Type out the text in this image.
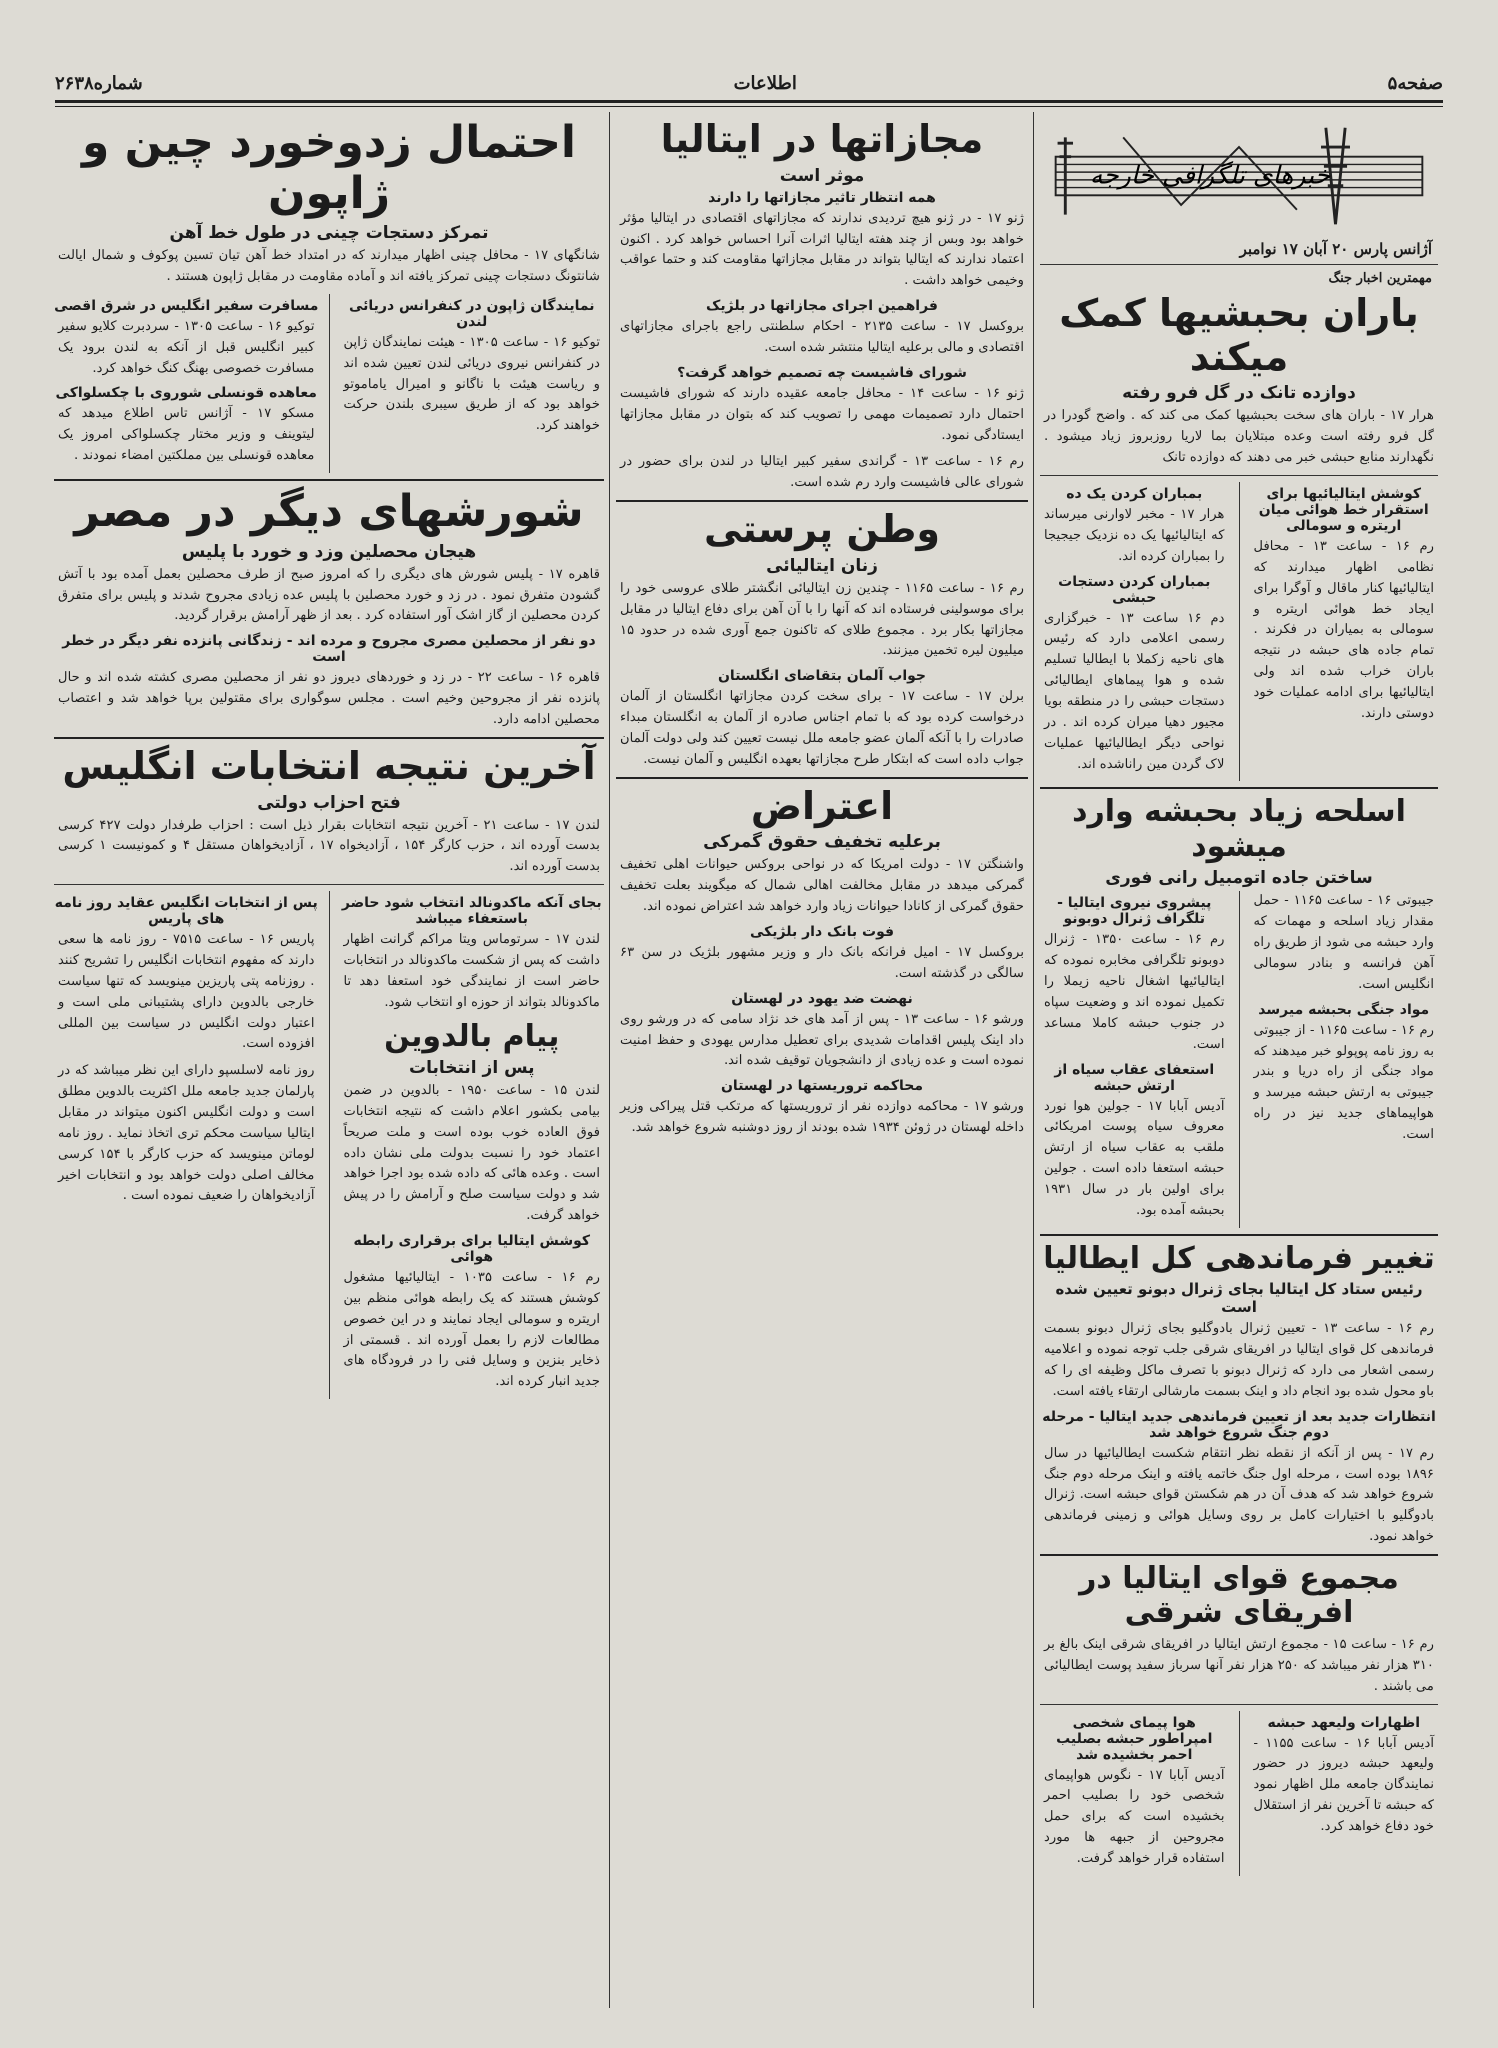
صفحه۵
اطلاعات
شماره۲۶۳۸
خبرهای تلگرافی خارجه
آژانس پارس ۲۰ آبان ۱۷ نوامبر
مهمترین اخبار جنگ
باران بحبشیها کمک میکند
دوازده تانک در گل فرو رفته
هرار ۱۷ - باران های سخت بحبشیها کمک می کند که . واضح گودرا در گل فرو رفته است وعده مبتلایان بما لاریا روزبروز زیاد میشود . نگهدارند منابع حبشی خبر می دهند که دوازده تانک
کوشش ایتالیائیها برای استقرار خط هوائی میان اریتره و سومالی
رم ۱۶ - ساعت ۱۳ - محافل نظامی اظهار میدارند که ایتالیائیها کنار ماقال و آوگرا برای ایجاد خط هوائی اریتره و سومالی به بمیاران در فکرند . تمام جاده های حبشه در نتیجه باران خراب شده اند ولی ایتالیائیها برای ادامه عملیات خود دوستی دارند.
بمباران کردن یک ده
هرار ۱۷ - مخبر لاوارنی میرساند که ایتالیائیها یک ده نزدیک جیجیجا را بمباران کرده اند.
بمباران کردن دستجات حبشی
دم ۱۶ ساعت ۱۳ - خبرگزاری رسمی اعلامی دارد که رئیس های ناحیه زکملا با ایطالیا تسلیم شده و هوا پیماهای ایطالیائی دستجات حبشی را در منطقه بویا مجیور دهیا میران کرده اند . در نواحی دیگر ایطالیائیها عملیات لاک گردن مین راناشده اند.
اسلحه زیاد بحبشه وارد میشود
ساختن جاده اتومبیل رانی فوری
جیبوتی ۱۶ - ساعت ۱۱۶۵ - حمل مقدار زیاد اسلحه و مهمات که وارد حبشه می شود از طریق راه آهن فرانسه و بنادر سومالی انگلیس است.
مواد جنگی بحبشه میرسد
رم ۱۶ - ساعت ۱۱۶۵ - از جیبوتی به روز نامه پوپولو خبر میدهند که مواد جنگی از راه دریا و بندر جیبوتی به ارتش حبشه میرسد و هواپیماهای جدید نیز در راه است.
پیشروی نیروی ایتالیا - تلگراف ژنرال دوبونو
رم ۱۶ - ساعت ۱۳۵۰ - ژنرال دوبونو تلگرافی مخابره نموده که ایتالیائیها اشغال ناحیه زیملا را تکمیل نموده اند و وضعیت سپاه در جنوب حبشه کاملا مساعد است.
استعفای عقاب سیاه از ارتش حبشه
آدیس آبابا ۱۷ - جولین هوا نورد معروف سیاه پوست امریکائی ملقب به عقاب سیاه از ارتش حبشه استعفا داده است . جولین برای اولین بار در سال ۱۹۳۱ بحبشه آمده بود.
تغییر فرماندهی کل ایطالیا
رئیس ستاد کل ایتالیا بجای ژنرال دبونو تعیین شده است
رم ۱۶ - ساعت ۱۳ - تعیین ژنرال بادوگلیو بجای ژنرال دبونو بسمت فرماندهی کل قوای ایتالیا در افریقای شرقی جلب توجه نموده و اعلامیه رسمی اشعار می دارد که ژنرال دبونو با تصرف ماکل وظیفه ای را که باو محول شده بود انجام داد و اینک بسمت مارشالی ارتقاء یافته است.
انتظارات جدید بعد از تعیین فرماندهی جدید ایتالیا - مرحله دوم جنگ شروع خواهد شد
رم ۱۷ - پس از آنکه از نقطه نظر انتقام شکست ایطالیائیها در سال ۱۸۹۶ بوده است ، مرحله اول جنگ خاتمه یافته و اینک مرحله دوم جنگ شروع خواهد شد که هدف آن در هم شکستن قوای حبشه است. ژنرال بادوگلیو با اختیارات کامل بر روی وسایل هوائی و زمینی فرماندهی خواهد نمود.
مجموع قوای ایتالیا در افریقای شرقی
رم ۱۶ - ساعت ۱۵ - مجموع ارتش ایتالیا در افریقای شرقی اینک بالغ بر ۳۱۰ هزار نفر میباشد که ۲۵۰ هزار نفر آنها سرباز سفید پوست ایطالیائی می باشند .
اظهارات ولیعهد حبشه
آدیس آبابا ۱۶ - ساعت ۱۱۵۵ - ولیعهد حبشه دیروز در حضور نمایندگان جامعه ملل اظهار نمود که حبشه تا آخرین نفر از استقلال خود دفاع خواهد کرد.
هوا پیمای شخصی امپراطور حبشه بصلیب احمر بخشیده شد
آدیس آبابا ۱۷ - نگوس هواپیمای شخصی خود را بصلیب احمر بخشیده است که برای حمل مجروحین از جبهه ها مورد استفاده قرار خواهد گرفت.
مجازاتها در ایتالیا
موثر است
همه انتظار تاثیر مجازاتها را دارند
ژنو ۱۷ - در ژنو هیچ تردیدی ندارند که مجازاتهای اقتصادی در ایتالیا مؤثر خواهد بود وبس از چند هفته ایتالیا اثرات آنرا احساس خواهد کرد . اکنون اعتماد ندارند که ایتالیا بتواند در مقابل مجازاتها مقاومت کند و حتما عواقب وخیمی خواهد داشت .
فراهمین اجرای مجازاتها در بلژیک
بروکسل ۱۷ - ساعت ۲۱۳۵ - احکام سلطنتی راجع باجرای مجازاتهای اقتصادی و مالی برعلیه ایتالیا منتشر شده است.
شورای فاشیست چه تصمیم خواهد گرفت؟
ژنو ۱۶ - ساعت ۱۴ - محافل جامعه عقیده دارند که شورای فاشیست احتمال دارد تصمیمات مهمی را تصویب کند که بتوان در مقابل مجازاتها ایستادگی نمود.
رم ۱۶ - ساعت ۱۳ - گراندی سفیر کبیر ایتالیا در لندن برای حضور در شورای عالی فاشیست وارد رم شده است.
وطن پرستی
زنان ایتالیائی
رم ۱۶ - ساعت ۱۱۶۵ - چندین زن ایتالیائی انگشتر طلای عروسی خود را برای موسولینی فرستاده اند که آنها را با آن آهن برای دفاع ایتالیا در مقابل مجازاتها بکار برد . مجموع طلای که تاکنون جمع آوری شده در حدود ۱۵ میلیون لیره تخمین میزنند.
جواب آلمان بتقاضای انگلستان
برلن ۱۷ - ساعت ۱۷ - برای سخت کردن مجازاتها انگلستان از آلمان درخواست کرده بود که با تمام اجناس صادره از آلمان به انگلستان مبداء صادرات را با آنکه آلمان عضو جامعه ملل نیست تعیین کند ولی دولت آلمان جواب داده است که ابتکار طرح مجازاتها بعهده انگلیس و آلمان نیست.
اعتراض
برعلیه تخفیف حقوق گمرکی
واشنگتن ۱۷ - دولت امریکا که در نواحی بروکس حیوانات اهلی تخفیف گمرکی میدهد در مقابل مخالفت اهالی شمال که میگویند بعلت تخفیف حقوق گمرکی از کانادا حیوانات زیاد وارد خواهد شد اعتراض نموده اند.
فوت بانک دار بلژیکی
بروکسل ۱۷ - امیل فرانکه بانک دار و وزیر مشهور بلژیک در سن ۶۳ سالگی در گذشته است.
نهضت ضد یهود در لهستان
ورشو ۱۶ - ساعت ۱۳ - پس از آمد های خد نژاد سامی که در ورشو روی داد اینک پلیس اقدامات شدیدی برای تعطیل مدارس یهودی و حفظ امنیت نموده است و عده زیادی از دانشجویان توقیف شده اند.
محاکمه تروریستها در لهستان
ورشو ۱۷ - محاکمه دوازده نفر از تروریستها که مرتکب قتل پیراکی وزیر داخله لهستان در ژوئن ۱۹۳۴ شده بودند از روز دوشنبه شروع خواهد شد.
احتمال زدوخورد چین و ژاپون
تمرکز دستجات چینی در طول خط آهن
شانگهای ۱۷ - محافل چینی اظهار میدارند که در امتداد خط آهن تیان تسین پوکوف و شمال ایالت شانتونگ دستجات چینی تمرکز یافته اند و آماده مقاومت در مقابل ژاپون هستند .
نمایندگان ژاپون در کنفرانس دریائی لندن
توکیو ۱۶ - ساعت ۱۳۰۵ - هیئت نمایندگان ژاپن در کنفرانس نیروی دریائی لندن تعیین شده اند و ریاست هیئت با ناگانو و امیرال یاماموتو خواهد بود که از طریق سیبری بلندن حرکت خواهند کرد.
مسافرت سفیر انگلیس در شرق اقصی
توکیو ۱۶ - ساعت ۱۳۰۵ - سردبرت کلایو سفیر کبیر انگلیس قبل از آنکه به لندن برود یک مسافرت خصوصی بهنگ کنگ خواهد کرد.
معاهده قونسلی شوروی با چکسلواکی
مسکو ۱۷ - آژانس تاس اطلاع میدهد که لیتوینف و وزیر مختار چکسلواکی امروز یک معاهده قونسلی بین مملکتین امضاء نمودند .
شورشهای دیگر در مصر
هیجان محصلین وزد و خورد با پلیس
قاهره ۱۷ - پلیس شورش های دیگری را که امروز صبح از طرف محصلین بعمل آمده بود با آتش گشودن متفرق نمود . در زد و خورد محصلین با پلیس عده زیادی مجروح شدند و پلیس برای متفرق کردن محصلین از گاز اشک آور استفاده کرد . بعد از ظهر آرامش برقرار گردید.
دو نفر از محصلین مصری مجروح و مرده اند - زندگانی پانزده نفر دیگر در خطر است
قاهره ۱۶ - ساعت ۲۲ - در زد و خوردهای دیروز دو نفر از محصلین مصری کشته شده اند و حال پانزده نفر از مجروحین وخیم است . مجلس سوگواری برای مقتولین برپا خواهد شد و اعتصاب محصلین ادامه دارد.
آخرین نتیجه انتخابات انگلیس
فتح احزاب دولتی
لندن ۱۷ - ساعت ۲۱ - آخرین نتیجه انتخابات بقرار ذیل است : احزاب طرفدار دولت ۴۲۷ کرسی بدست آورده اند ، حزب کارگر ۱۵۴ ، آزادیخواه ۱۷ ، آزادیخواهان مستقل ۴ و کمونیست ۱ کرسی بدست آورده اند.
بجای آنکه ماکدونالد انتخاب شود حاضر باستعفاء میباشد
لندن ۱۷ - سرتوماس ویتا مراکم گرانت اظهار داشت که پس از شکست ماکدونالد در انتخابات حاضر است از نمایندگی خود استعفا دهد تا ماکدونالد بتواند از حوزه او انتخاب شود.
پیام بالدوین
پس از انتخابات
لندن ۱۵ - ساعت ۱۹۵۰ - بالدوین در ضمن بیامی بکشور اعلام داشت که نتیجه انتخابات فوق العاده خوب بوده است و ملت صریحاً اعتماد خود را نسبت بدولت ملی نشان داده است . وعده هائی که داده شده بود اجرا خواهد شد و دولت سیاست صلح و آرامش را در پیش خواهد گرفت.
کوشش ایتالیا برای برقراری رابطه هوائی
رم ۱۶ - ساعت ۱۰۳۵ - ایتالیائیها مشغول کوشش هستند که یک رابطه هوائی منظم بین اریتره و سومالی ایجاد نمایند و در این خصوص مطالعات لازم را بعمل آورده اند . قسمتی از ذخایر بنزین و وسایل فنی را در فرودگاه های جدید انبار کرده اند.
پس از انتخابات انگلیس عقاید روز نامه های پاریس
پاریس ۱۶ - ساعت ۷۵۱۵ - روز نامه ها سعی دارند که مفهوم انتخابات انگلیس را تشریح کنند . روزنامه پتی پاریزین مینویسد که تنها سیاست خارجی بالدوین دارای پشتیبانی ملی است و اعتبار دولت انگلیس در سیاست بین المللی افزوده است.
روز نامه لاسلسپو دارای این نظر میباشد که در پارلمان جدید جامعه ملل اکثریت بالدوین مطلق است و دولت انگلیس اکنون میتواند در مقابل ایتالیا سیاست محکم تری اتخاذ نماید . روز نامه لوماتن مینویسد که حزب کارگر با ۱۵۴ کرسی مخالف اصلی دولت خواهد بود و انتخابات اخیر آزادیخواهان را ضعیف نموده است .
